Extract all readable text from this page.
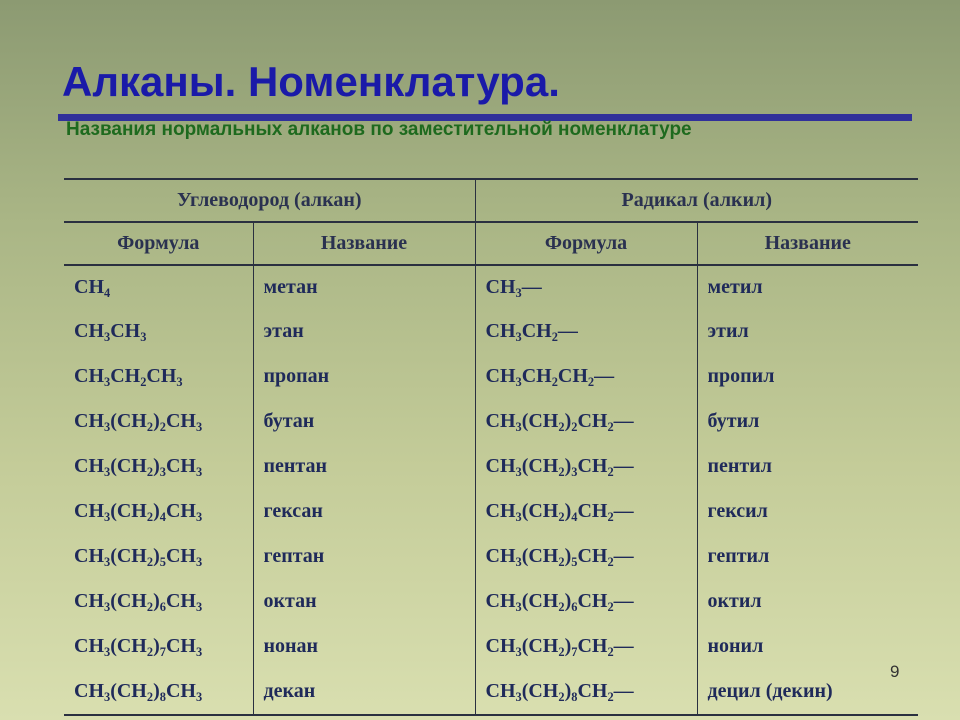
Алканы. Номенклатура.
Названия нормальных алканов по заместительной номенклатуре
Углеводород (алкан)		Радикал (алкил)	
Формула	Название	Формула	Название
$CH_4$	метан	$CH_3—$	метил
$CH_3CH_3$	этан	$CH_3CH_2—$	этил
$CH_3CH_2CH_3$	пропан	$CH_3CH_2CH_2—$	пропил
$CH_3(CH_2)_2CH_3$	бутан	$CH_3(CH_2)_2CH_2—$	бутил
$CH_3(CH_2)_3CH_3$	пентан	$CH_3(CH_2)_3CH_2—$	пентил
$CH_3(CH_2)_4CH_3$	гексан	$CH_3(CH_2)_4CH_2—$	гексил
$CH_3(CH_2)_5CH_3$	гептан	$CH_3(CH_2)_5CH_2—$	гептил
$CH_3(CH_2)_6CH_3$	октан	$CH_3(CH_2)_6CH_2—$	октил
$CH_3(CH_2)_7CH_3$	нонан	$CH_3(CH_2)_7CH_2—$	нонил
$CH_3(CH_2)_8CH_3$	декан	$CH_3(CH_2)_8CH_2—$	децил (декин)
9
